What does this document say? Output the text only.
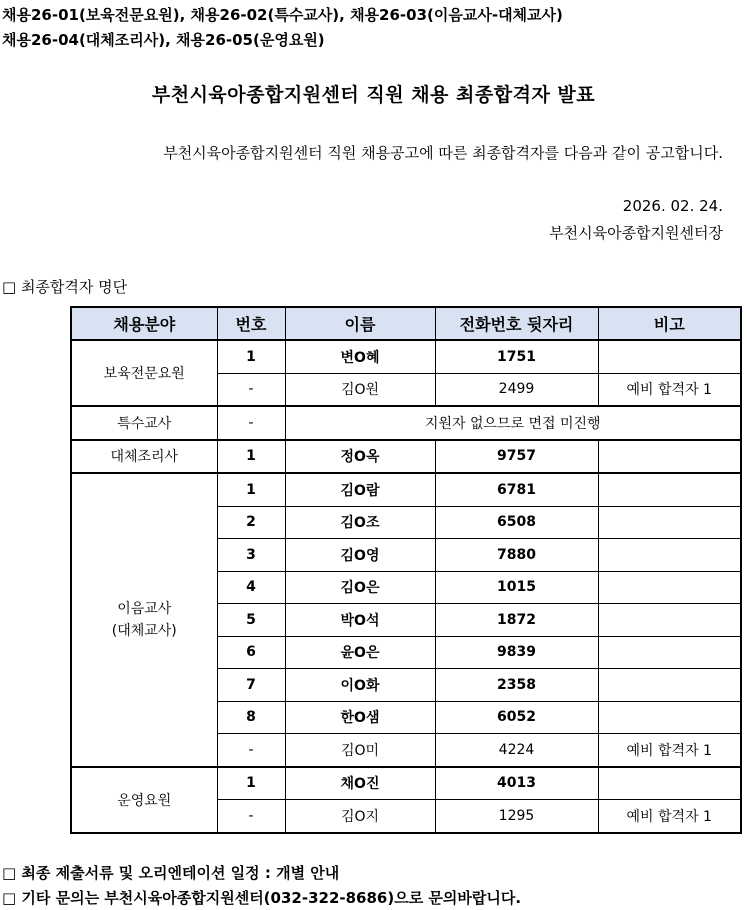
채용26-01(보육전문요원), 채용26-02(특수교사), 채용26-03(이음교사-대체교사)
채용26-04(대체조리사), 채용26-05(운영요원)
부천시육아종합지원센터 직원 채용 최종합격자 발표
부천시육아종합지원센터 직원 채용공고에 따른 최종합격자를 다음과 같이 공고합니다.
2026. 02. 24.
부천시육아종합지원센터장
□ 최종합격자 명단
채용분야	번호	이름	전화번호 뒷자리	비고
보육전문요원	1	변O혜	1751	
	-	김O원	2499	예비 합격자 1
특수교사	-	지원자 없으므로 면접 미진행		
대체조리사	1	정O옥	9757	

이음교사
(대체교사)	1	김O람	6781	
	2	김O조	6508	
	3	김O영	7880	
	4	김O은	1015	
	5	박O석	1872	
	6	윤O은	9839	
	7	이O화	2358	
	8	한O샘	6052	
	-	김O미	4224	예비 합격자 1
운영요원	1	채O진	4013	
	-	김O지	1295	예비 합격자 1
□ 최종 제출서류 및 오리엔테이션 일정 : 개별 안내
□ 기타 문의는 부천시육아종합지원센터(032-322-8686)으로 문의바랍니다.
